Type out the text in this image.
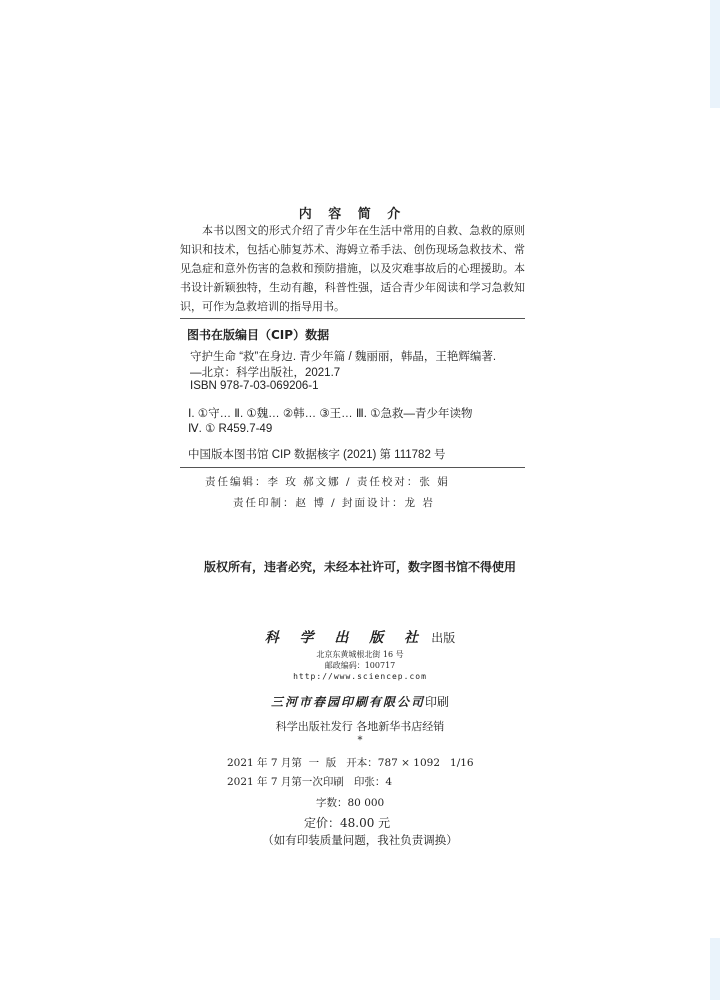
内 容 简 介
本书以图文的形式介绍了青少年在生活中常用的自救、急救的原则知识和技术，包括心肺复苏术、海姆立希手法、创伤现场急救技术、常见急症和意外伤害的急救和预防措施，以及灾难事故后的心理援助。本书设计新颖独特，生动有趣，科普性强，适合青少年阅读和学习急救知识，可作为急救培训的指导用书。
图书在版编目（CIP）数据
守护生命 “救”在身边. 青少年篇 / 魏丽丽，韩晶，王艳辉编著.
—北京：科学出版社，2021.7
ISBN 978-7-03-069206-1
Ⅰ. ①守… Ⅱ. ①魏… ②韩… ③王… Ⅲ. ①急救—青少年读物
Ⅳ. ① R459.7-49
中国版本图书馆 CIP 数据核字 (2021) 第 111782 号
责任编辑：李 玫 郝文娜 / 责任校对：张 娟
责任印制：赵 博 / 封面设计：龙 岩
版权所有，违者必究，未经本社许可，数字图书馆不得使用
科 学 出 版 社 出版
北京东黄城根北街 16 号
邮政编码：100717
http://www.sciencep.com
三河市春园印刷有限公司印刷
科学出版社发行 各地新华书店经销
*
2021 年 7 月第  一  版   开本：787 × 1092   1/16
2021 年 7 月第一次印刷   印张：4
字数：80 000
定价：48.00 元
（如有印装质量问题，我社负责调换）
